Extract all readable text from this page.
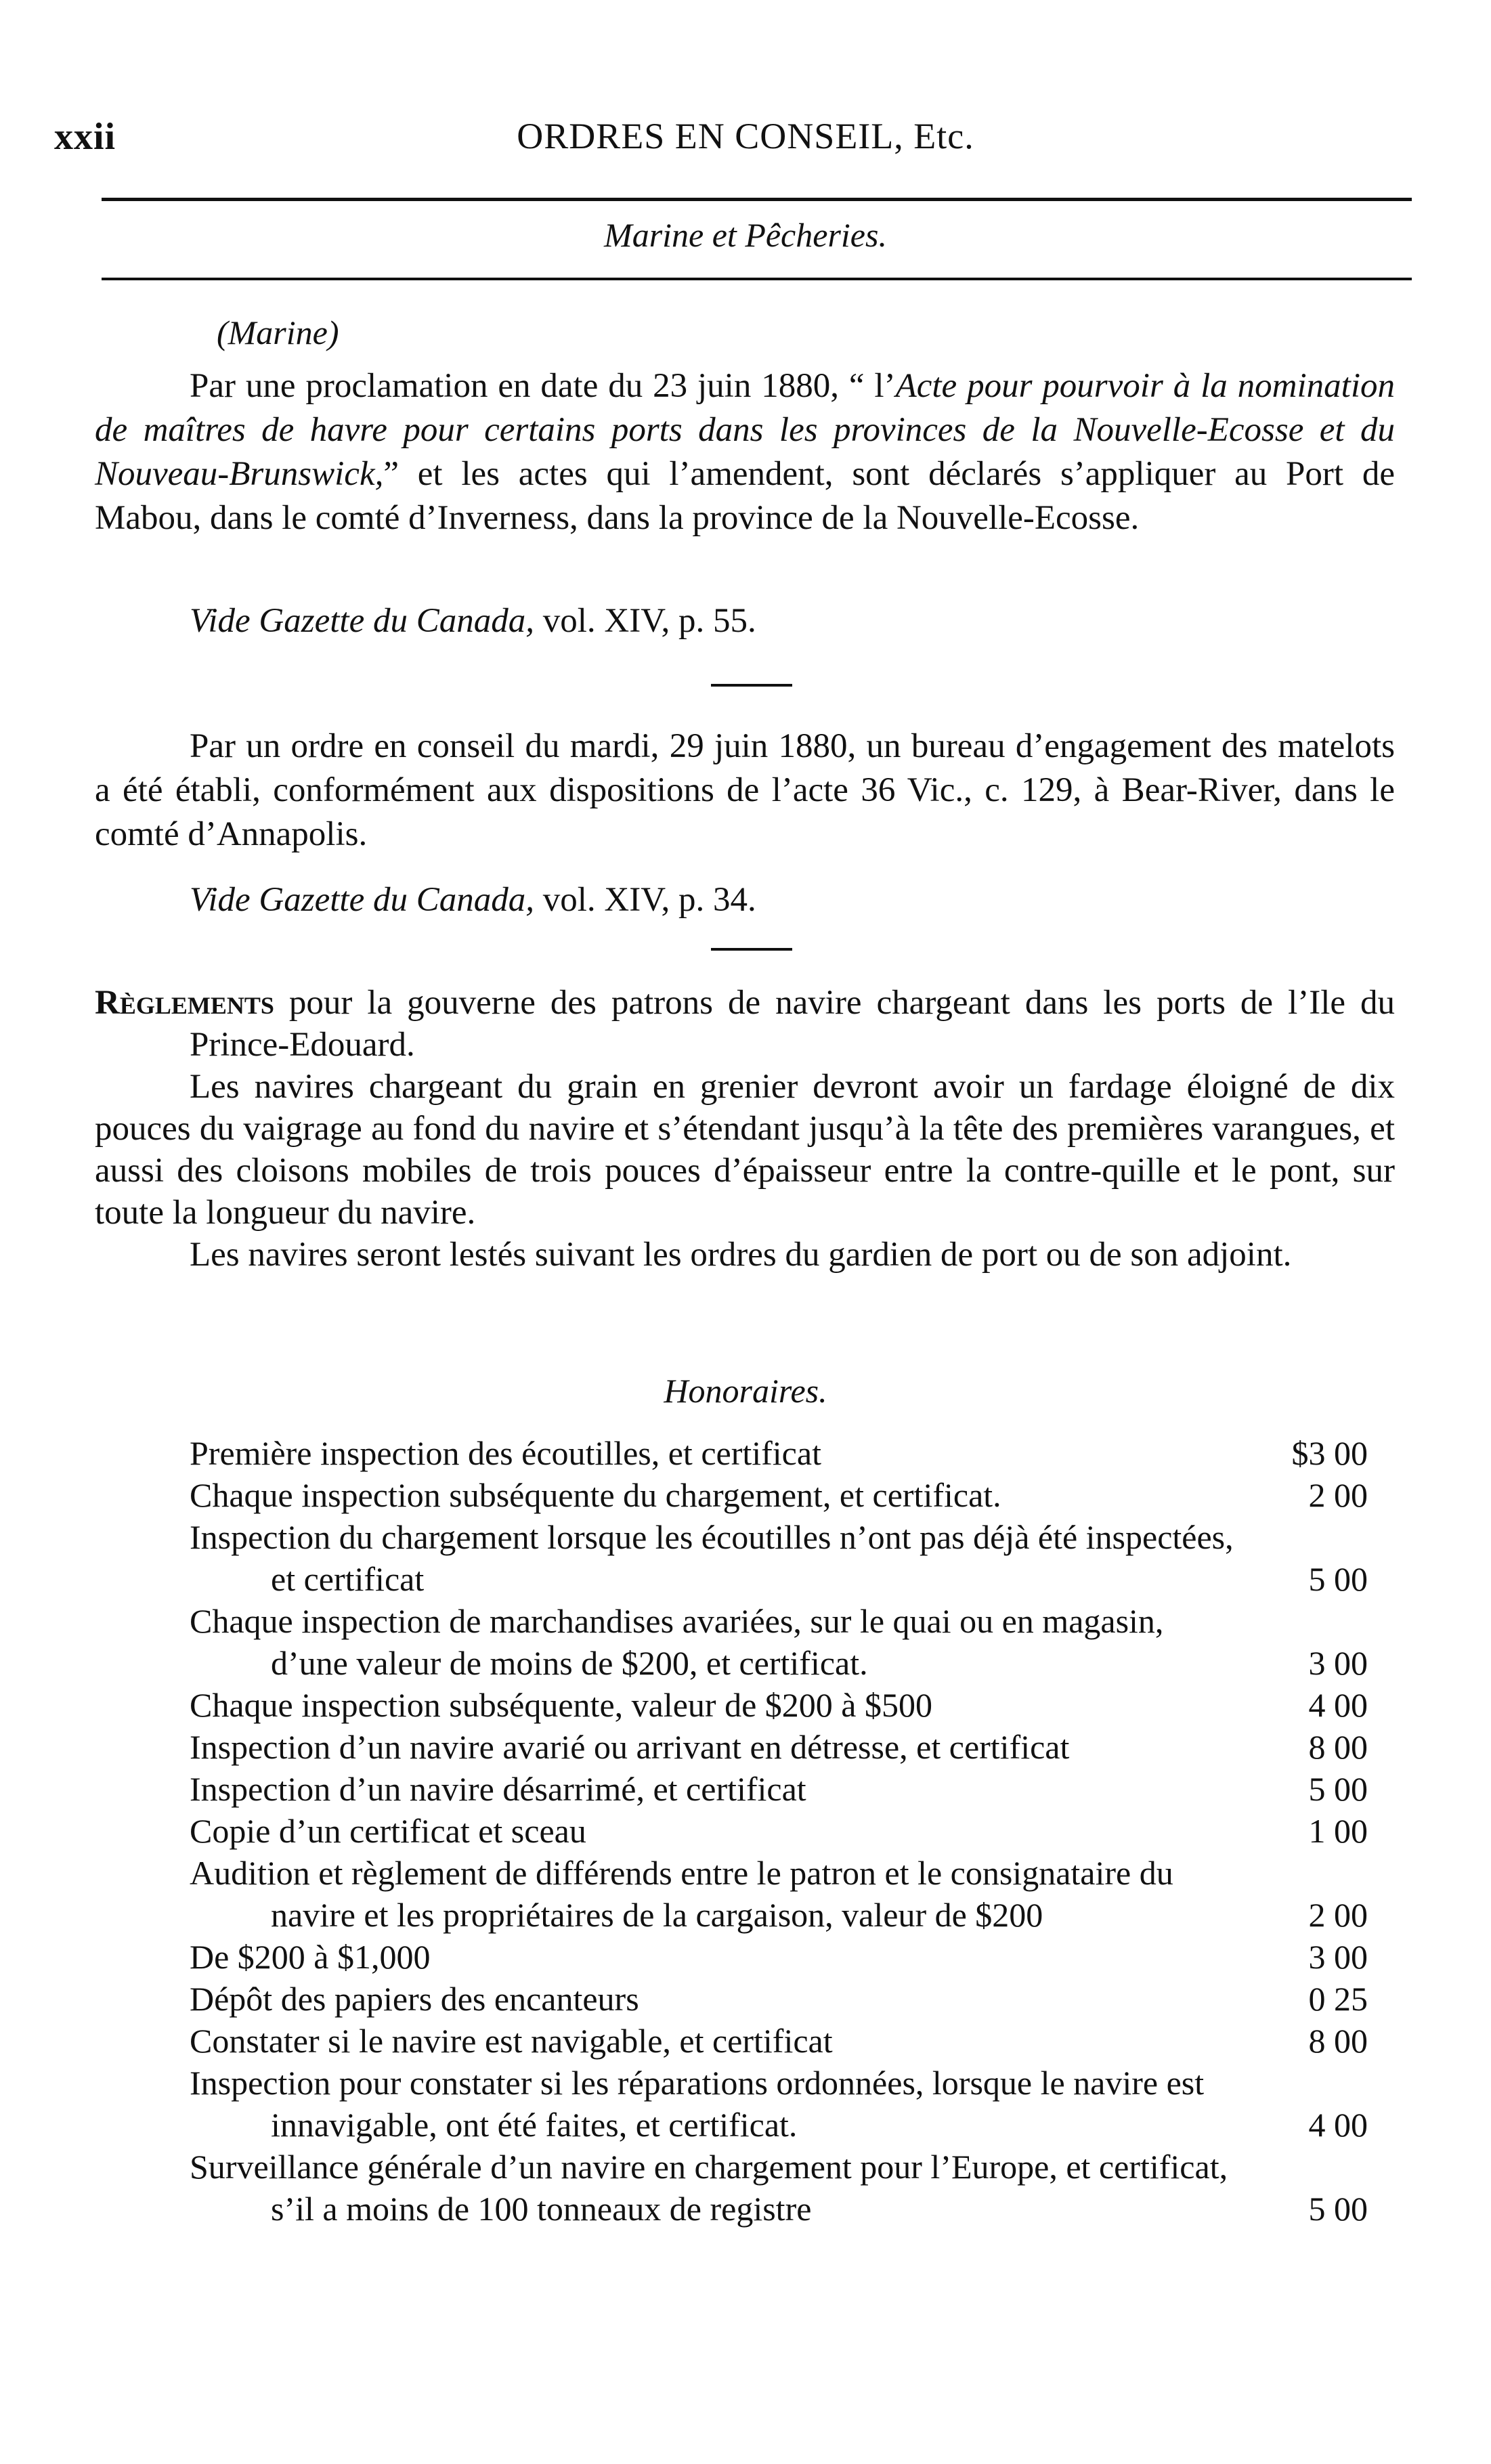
xxii	ORDRES EN CONSEIL, Etc.
Marine et Pêcheries.
(Marine)
Par une proclamation en date du 23 juin 1880, “ l’Acte pour pourvoir à la nomination de maîtres de havre pour certains ports dans les provinces de la Nouvelle-Ecosse et du Nouveau-Brunswick,” et les actes qui l’amendent, sont déclarés s’appliquer au Port de Mabou, dans le comté d’Inverness, dans la province de la Nouvelle-Ecosse.
Vide Gazette du Canada, vol. XIV, p. 55.
Par un ordre en conseil du mardi, 29 juin 1880, un bureau d’engagement des matelots a été établi, conformément aux dispositions de l’acte 36 Vic., c. 129, à Bear-River, dans le comté d’Annapolis.
Vide Gazette du Canada, vol. XIV, p. 34.
Règlements pour la gouverne des patrons de navire chargeant dans les ports de l’Ile du Prince-Edouard.
Les navires chargeant du grain en grenier devront avoir un fardage éloigné de dix pouces du vaigrage au fond du navire et s’étendant jusqu’à la tête des premières varangues, et aussi des cloisons mobiles de trois pouces d’épaisseur entre la contre-quille et le pont, sur toute la longueur du navire.
Les navires seront lestés suivant les ordres du gardien de port ou de son adjoint.
Honoraires.
Première inspection des écoutilles, et certificat	$3 00
Chaque inspection subséquente du chargement, et certificat.	2 00
Inspection du chargement lorsque les écoutilles n’ont pas déjà été inspectées, et certificat	5 00
Chaque inspection de marchandises avariées, sur le quai ou en magasin, d’une valeur de moins de $200, et certificat.	3 00
Chaque inspection subséquente, valeur de $200 à $500	4 00
Inspection d’un navire avarié ou arrivant en détresse, et certificat	8 00
Inspection d’un navire désarrimé, et certificat	5 00
Copie d’un certificat et sceau	1 00
Audition et règlement de différends entre le patron et le consignataire du navire et les propriétaires de la cargaison, valeur de $200	2 00
De $200 à $1,000	3 00
Dépôt des papiers des encanteurs	0 25
Constater si le navire est navigable, et certificat	8 00
Inspection pour constater si les réparations ordonnées, lorsque le navire est innavigable, ont été faites, et certificat.	4 00
Surveillance générale d’un navire en chargement pour l’Europe, et certificat, s’il a moins de 100 tonneaux de registre	5 00
